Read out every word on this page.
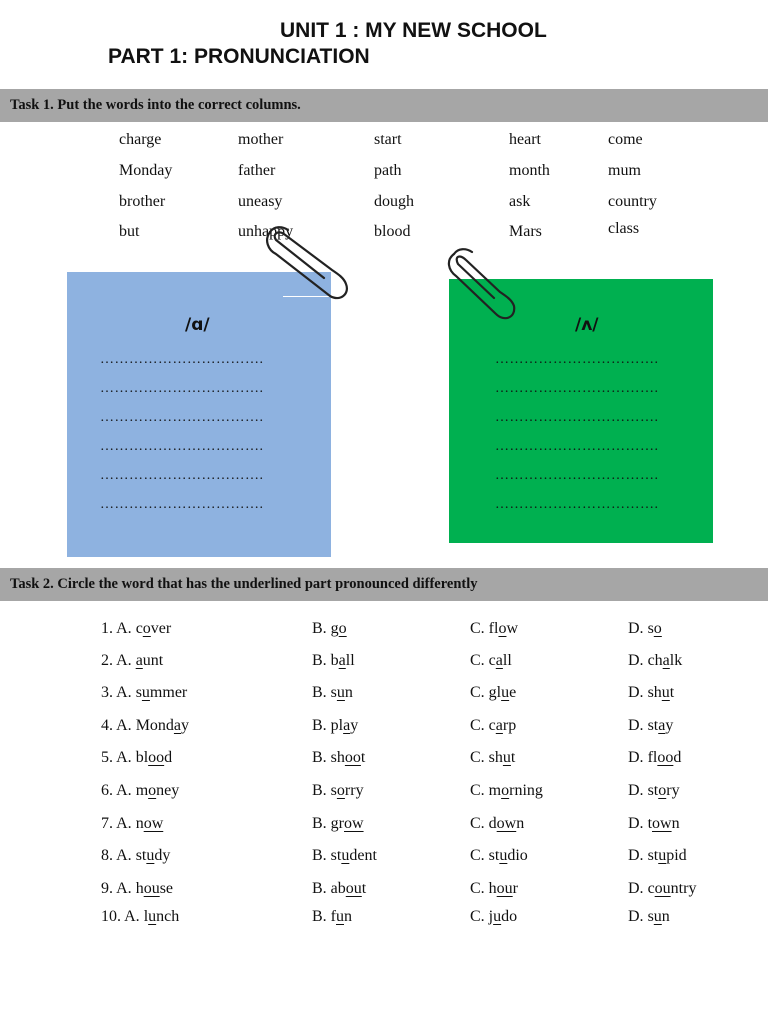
UNIT 1 : MY NEW SCHOOL
PART 1: PRONUNCIATION
Task 1. Put the words into the correct columns.
charge	mother	start	heart	come
Monday	father	path	month	mum
brother	uneasy	dough	ask	country
but	unhappy	blood	Mars	class
/ɑ/
…………………………….
…………………………….
…………………………….
…………………………….
…………………………….
…………………………….
/ʌ/
…………………………….
…………………………….
…………………………….
…………………………….
…………………………….
…………………………….
Task 2. Circle the word that has the underlined part pronounced differently
1. A. cover	B. go	C. flow	D. so
2. A. aunt	B. ball	C. call	D. chalk
3. A. summer	B. sun	C. glue	D. shut
4. A. Monday	B. play	C. carp	D. stay
5. A. blood	B. shoot	C. shut	D. flood
6. A. money	B. sorry	C. morning	D. story
7. A. now	B. grow	C. down	D. town
8. A. study	B. student	C. studio	D. stupid
9. A. house	B. about	C. hour	D. country
10. A. lunch	B. fun	C. judo	D. sun
